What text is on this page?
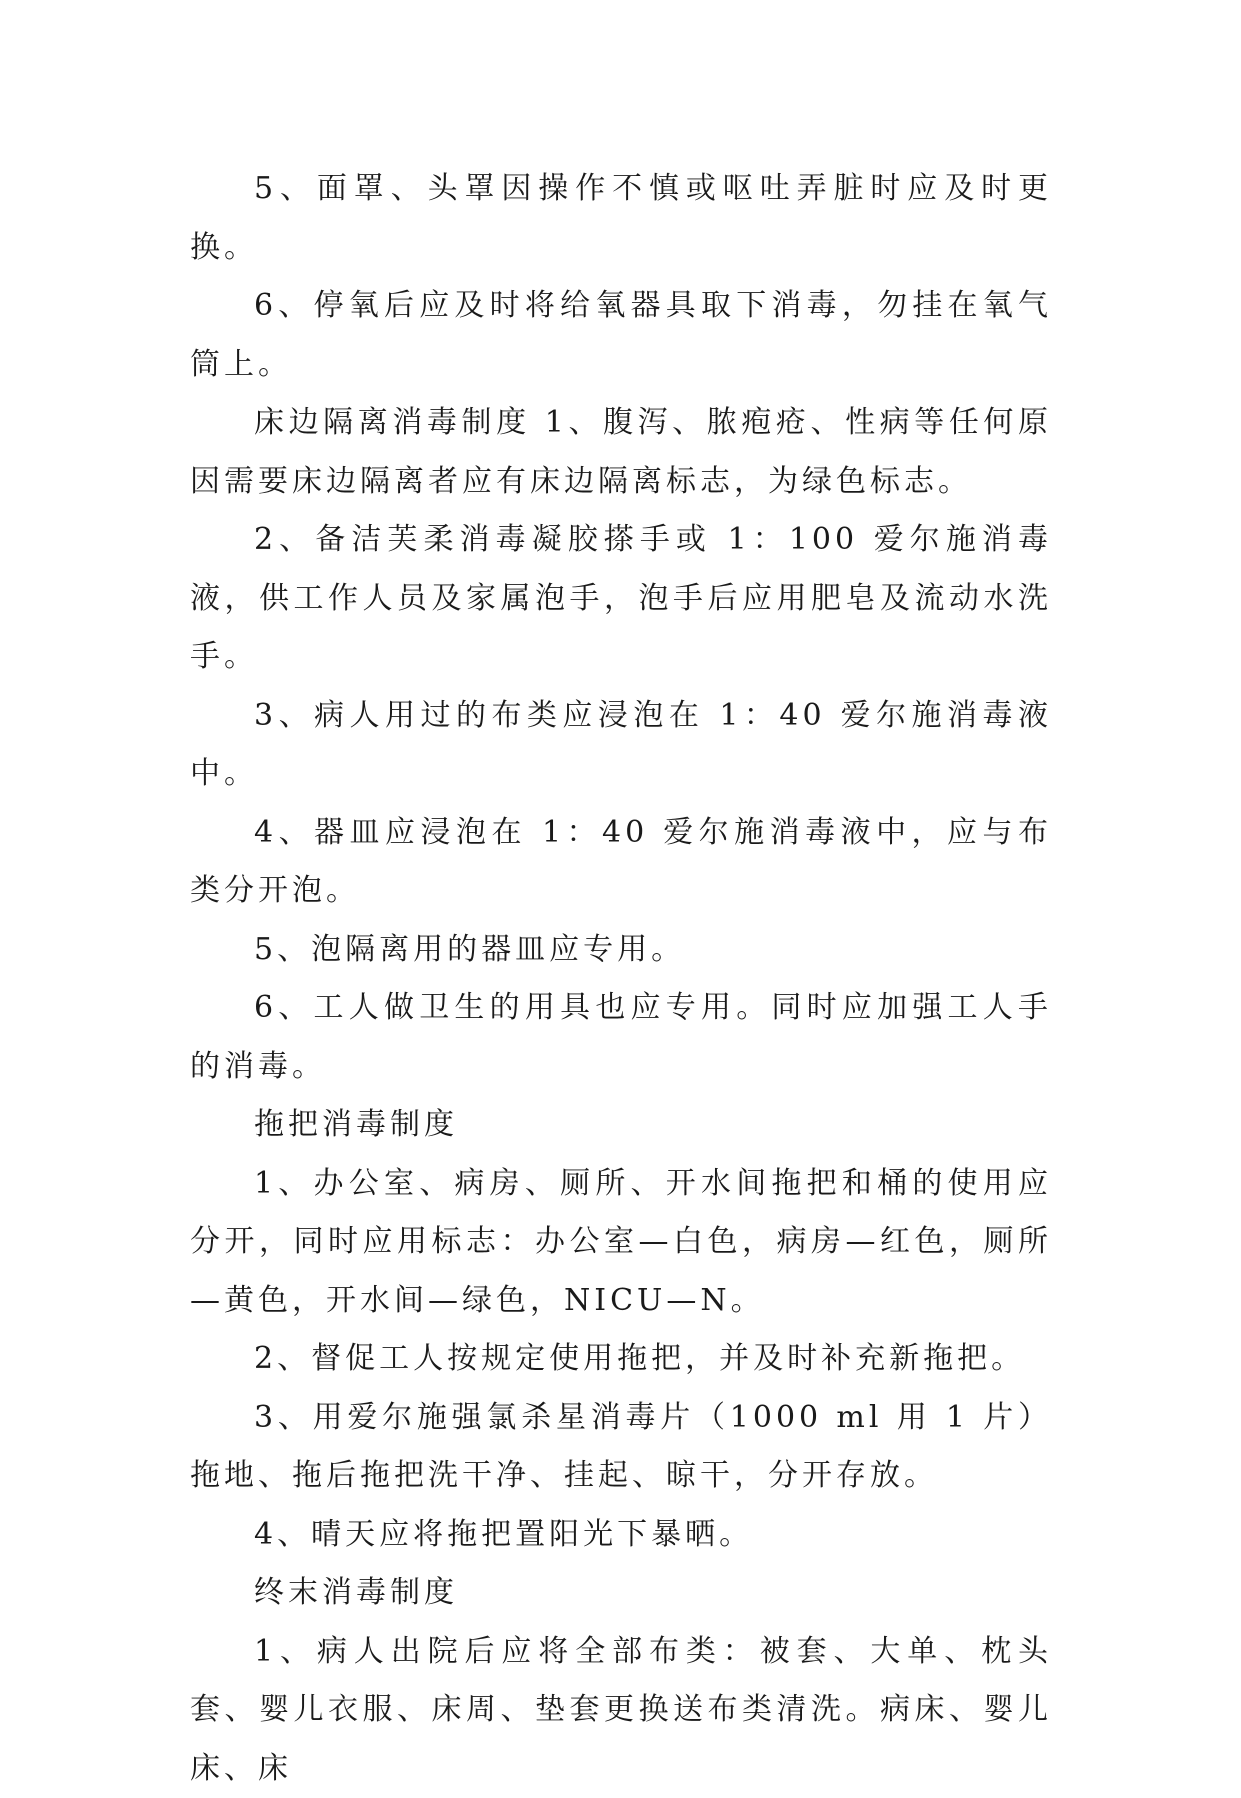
5、面罩、头罩因操作不慎或呕吐弄脏时应及时更换。

6、停氧后应及时将给氧器具取下消毒，勿挂在氧气筒上。

床边隔离消毒制度 1、腹泻、脓疱疮、性病等任何原因需要床边隔离者应有床边隔离标志，为绿色标志。

2、备洁芙柔消毒凝胶搽手或 1：100 爱尔施消毒液，供工作人员及家属泡手，泡手后应用肥皂及流动水洗手。

3、病人用过的布类应浸泡在 1：40 爱尔施消毒液中。

4、器皿应浸泡在 1：40 爱尔施消毒液中，应与布类分开泡。

5、泡隔离用的器皿应专用。

6、工人做卫生的用具也应专用。同时应加强工人手的消毒。

拖把消毒制度

1、办公室、病房、厕所、开水间拖把和桶的使用应分开，同时应用标志：办公室—白色，病房—红色，厕所—黄色，开水间—绿色，NICU—N。

2、督促工人按规定使用拖把，并及时补充新拖把。

3、用爱尔施强氯杀星消毒片（1000 ml 用 1 片）拖地、拖后拖把洗干净、挂起、晾干，分开存放。

4、晴天应将拖把置阳光下暴晒。

终末消毒制度

1、病人出院后应将全部布类：被套、大单、枕头套、婴儿衣服、床周、垫套更换送布类清洗。病床、婴儿床、床
